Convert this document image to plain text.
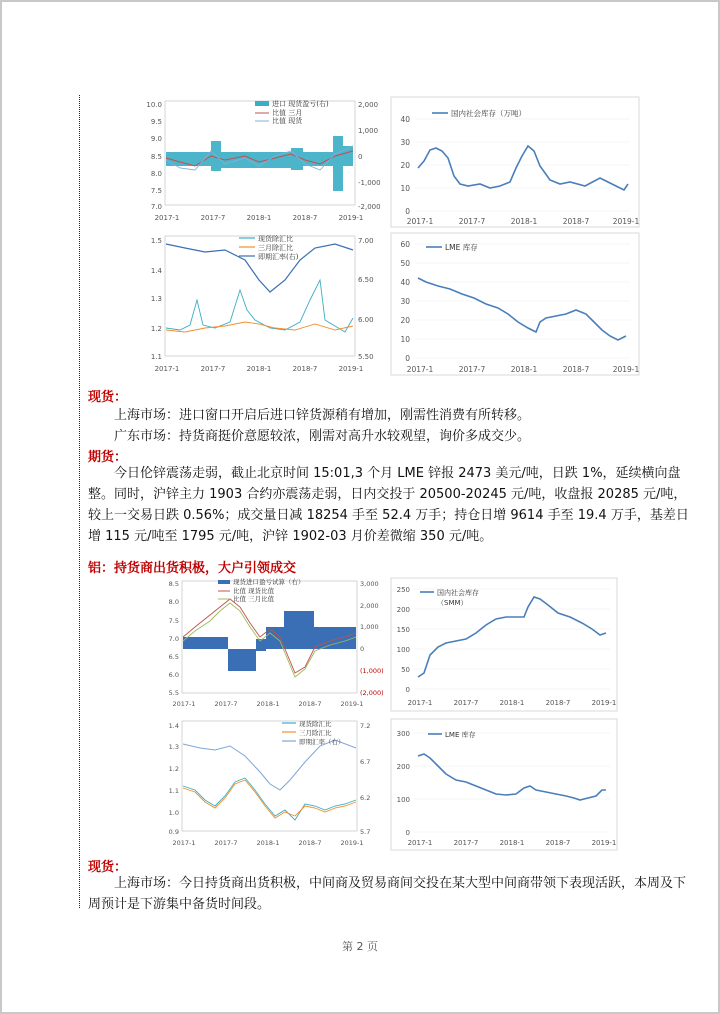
10.0
9.5
9.0
8.5
8.0
7.5
7.0
2,000
1,000
0
-1,000
-2,000
2017-1	2017-7	2018-1	2018-7	2019-1
进口 现货盈亏(右)
比值 三月
比值 现货	40
30
20
10
0
2017-1	2017-7	2018-1	2018-7	2019-1
国内社会库存（万吨）
1.5
1.4
1.3
1.2
1.1
7.00
6.50
6.00
5.50
2017-1	2017-7	2018-1	2018-7	2019-1
现货除汇比
三月除汇比
即期汇率(右)
60
50
40
30
20
10
0
2017-1	2017-7	2018-1	2018-7	2019-1
LME 库存
现货：
上海市场：进口窗口开启后进口锌货源稍有增加，刚需性消费有所转移。
广东市场：持货商挺价意愿较浓，刚需对高升水较观望，询价多成交少。
期货：
今日伦锌震荡走弱，截止北京时间 15:01,3 个月 LME 锌报 2473 美元/吨，日跌 1%，延续横向盘整。同时，沪锌主力 1903 合约亦震荡走弱，日内交投于 20500-20245 元/吨，收盘报 20285 元/吨，较上一交易日跌 0.56%；成交量日减 18254 手至 52.4 万手；持仓日增 9614 手至 19.4 万手，基差日增 115 元/吨至 1795 元/吨，沪锌 1902-03 月价差微缩 350 元/吨。
铝：持货商出货积极，大户引领成交
8.5
8.0
7.5
7.0
6.5
6.0
5.5
3,000
2,000
1,000
0
(1,000)
(2,000)
2017-1	2017-7	2018-1	2018-7	2019-1
现货进口盈亏试算（右）
比值 现货比值
比值 三月比值
250
200
150
100
50
0
2017-1	2017-7	2018-1	2018-7	2019-1
国内社会库存
（SMM）
1.4
1.3
1.2
1.1
1.0
0.9
7.2
6.7
6.2
5.7
2017-1	2017-7	2018-1	2018-7	2019-1
现货除汇比
三月除汇比
即期汇率（右）
300
200
100
0
2017-1	2017-7	2018-1	2018-7	2019-1
LME 库存
现货：
上海市场：今日持货商出货积极，中间商及贸易商间交投在某大型中间商带领下表现活跃，本周及下周预计是下游集中备货时间段。
第 2 页
